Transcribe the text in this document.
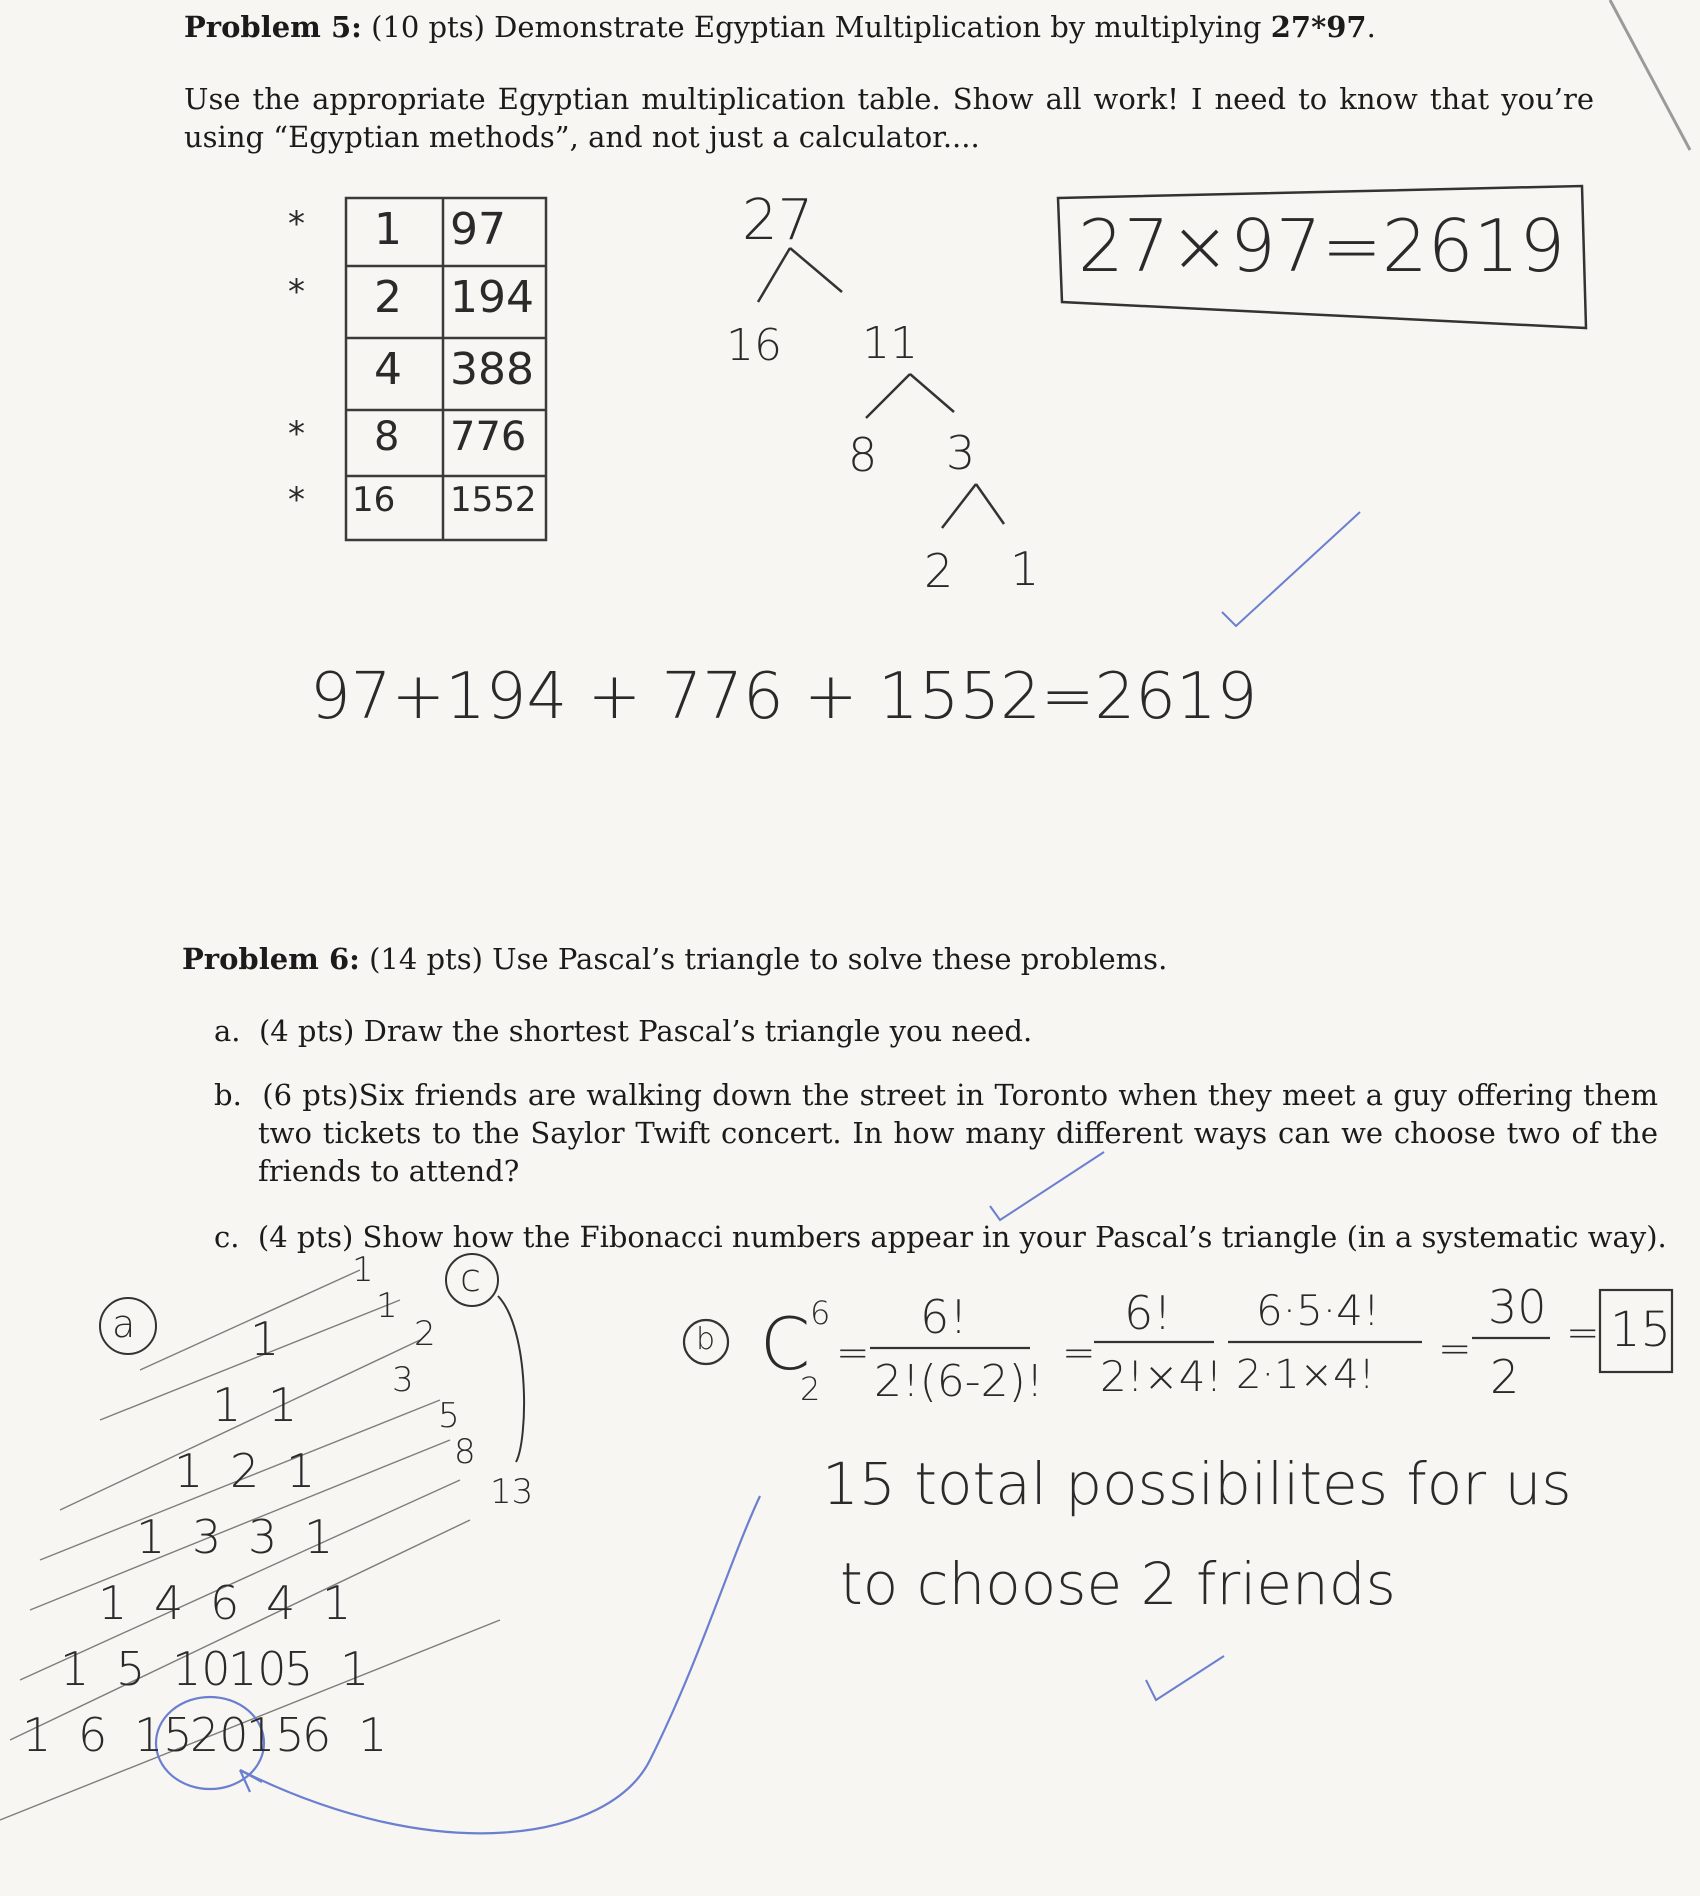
Problem 5: (10 pts) Demonstrate Egyptian Multiplication by multiplying 27*97.
Use the appropriate Egyptian multiplication table. Show all work! I need to know that you’re using “Egyptian methods”, and not just a calculator....
* 1 97
* 2 194
4 388
* 8 776
* 16 1552
27
16 11
8 3
2 1
27×97=2619
97+194 + 776 + 1552=2619
Problem 6: (14 pts) Use Pascal’s triangle to solve these problems.
a. (4 pts) Draw the shortest Pascal’s triangle you need.
b. (6 pts)Six friends are walking down the street in Toronto when they meet a guy offering them two tickets to the Saylor Twift concert. In how many different ways can we choose two of the friends to attend?
c. (4 pts) Show how the Fibonacci numbers appear in your Pascal’s triangle (in a systematic way).
a
c
1
1 1
1 2 1
1 3 3 1
1 4 6 4 1
1 5 10
10
5 1
1 6 15
20
15
6 1
1
1
2
3
5
8
13
b C 6
2
=
6!
2!(6-2)!
=
6!
2!×4!
6·5·4!
2·1×4!
=
30
2
= 15
15 total possibilites for us
to choose 2 friends
